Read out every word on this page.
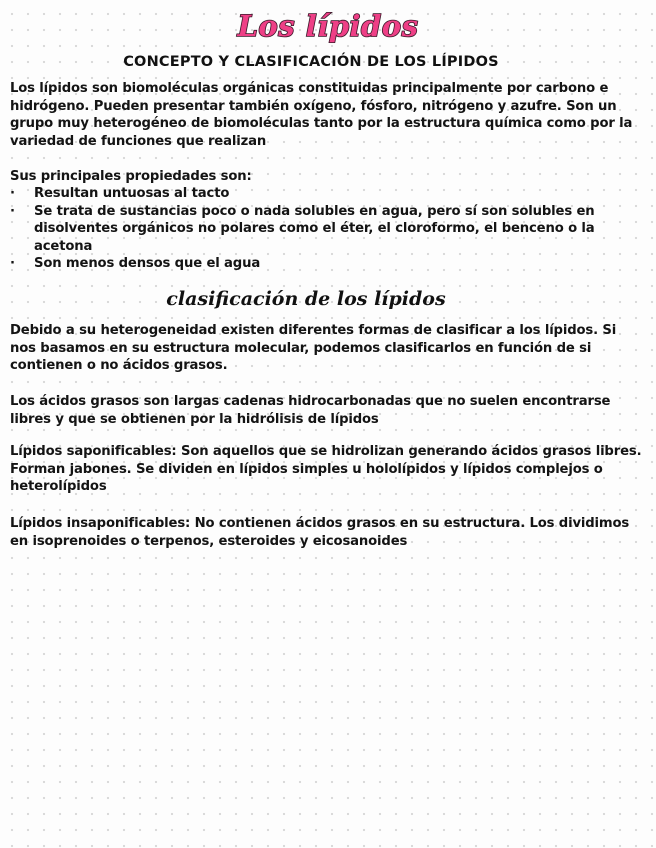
Los lípidos
CONCEPTO Y CLASIFICACIÓN DE LOS LÍPIDOS

Los lípidos son biomoléculas orgánicas constituidas principalmente por carbono e hidrógeno. Pueden presentar también oxígeno, fósforo, nitrógeno y azufre. Son un grupo muy heterogéneo de biomoléculas tanto por la estructura química como por la variedad de funciones que realizan

Sus principales propiedades son:

· Resultan untuosas al tacto
· Se trata de sustancias poco o nada solubles en agua, pero sí son solubles en disolventes orgánicos no polares como el éter, el cloroformo, el benceno o la acetona
· Son menos densos que el agua
clasificación de los lípidos

Debido a su heterogeneidad existen diferentes formas de clasificar a los lípidos. Si nos basamos en su estructura molecular, podemos clasificarlos en función de si contienen o no ácidos grasos.

Los ácidos grasos son largas cadenas hidrocarbonadas que no suelen encontrarse libres y que se obtienen por la hidrólisis de lípidos

Lípidos saponificables: Son aquellos que se hidrolizan generando ácidos grasos libres. Forman jabones. Se dividen en lípidos simples u hololípidos y lípidos complejos o heterolípidos

Lípidos insaponificables: No contienen ácidos grasos en su estructura. Los dividimos en isoprenoides o terpenos, esteroides y eicosanoides
